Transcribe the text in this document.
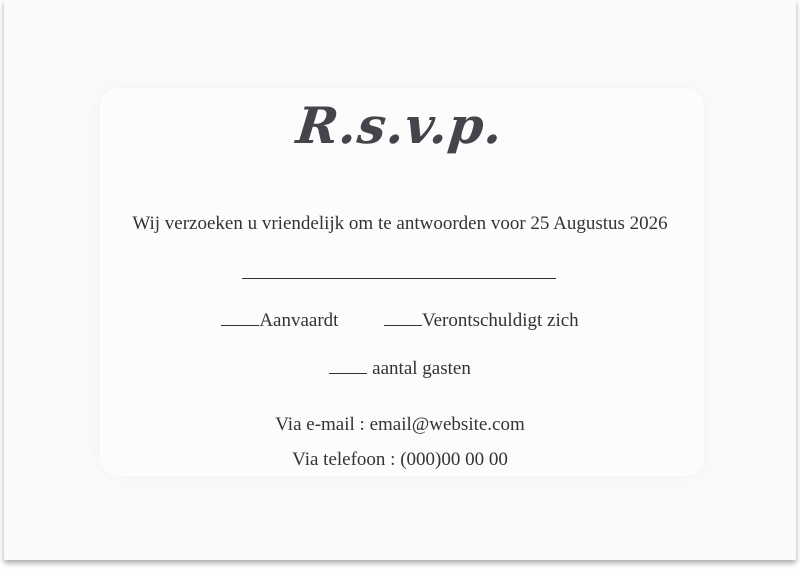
R.s.v.p.
Wij verzoeken u vriendelijk om te antwoorden voor 25 Augustus 2026
Aanvaardt	Verontschuldigt zich
aantal gasten
Via e-mail : email@website.com
Via telefoon : (000)00 00 00
